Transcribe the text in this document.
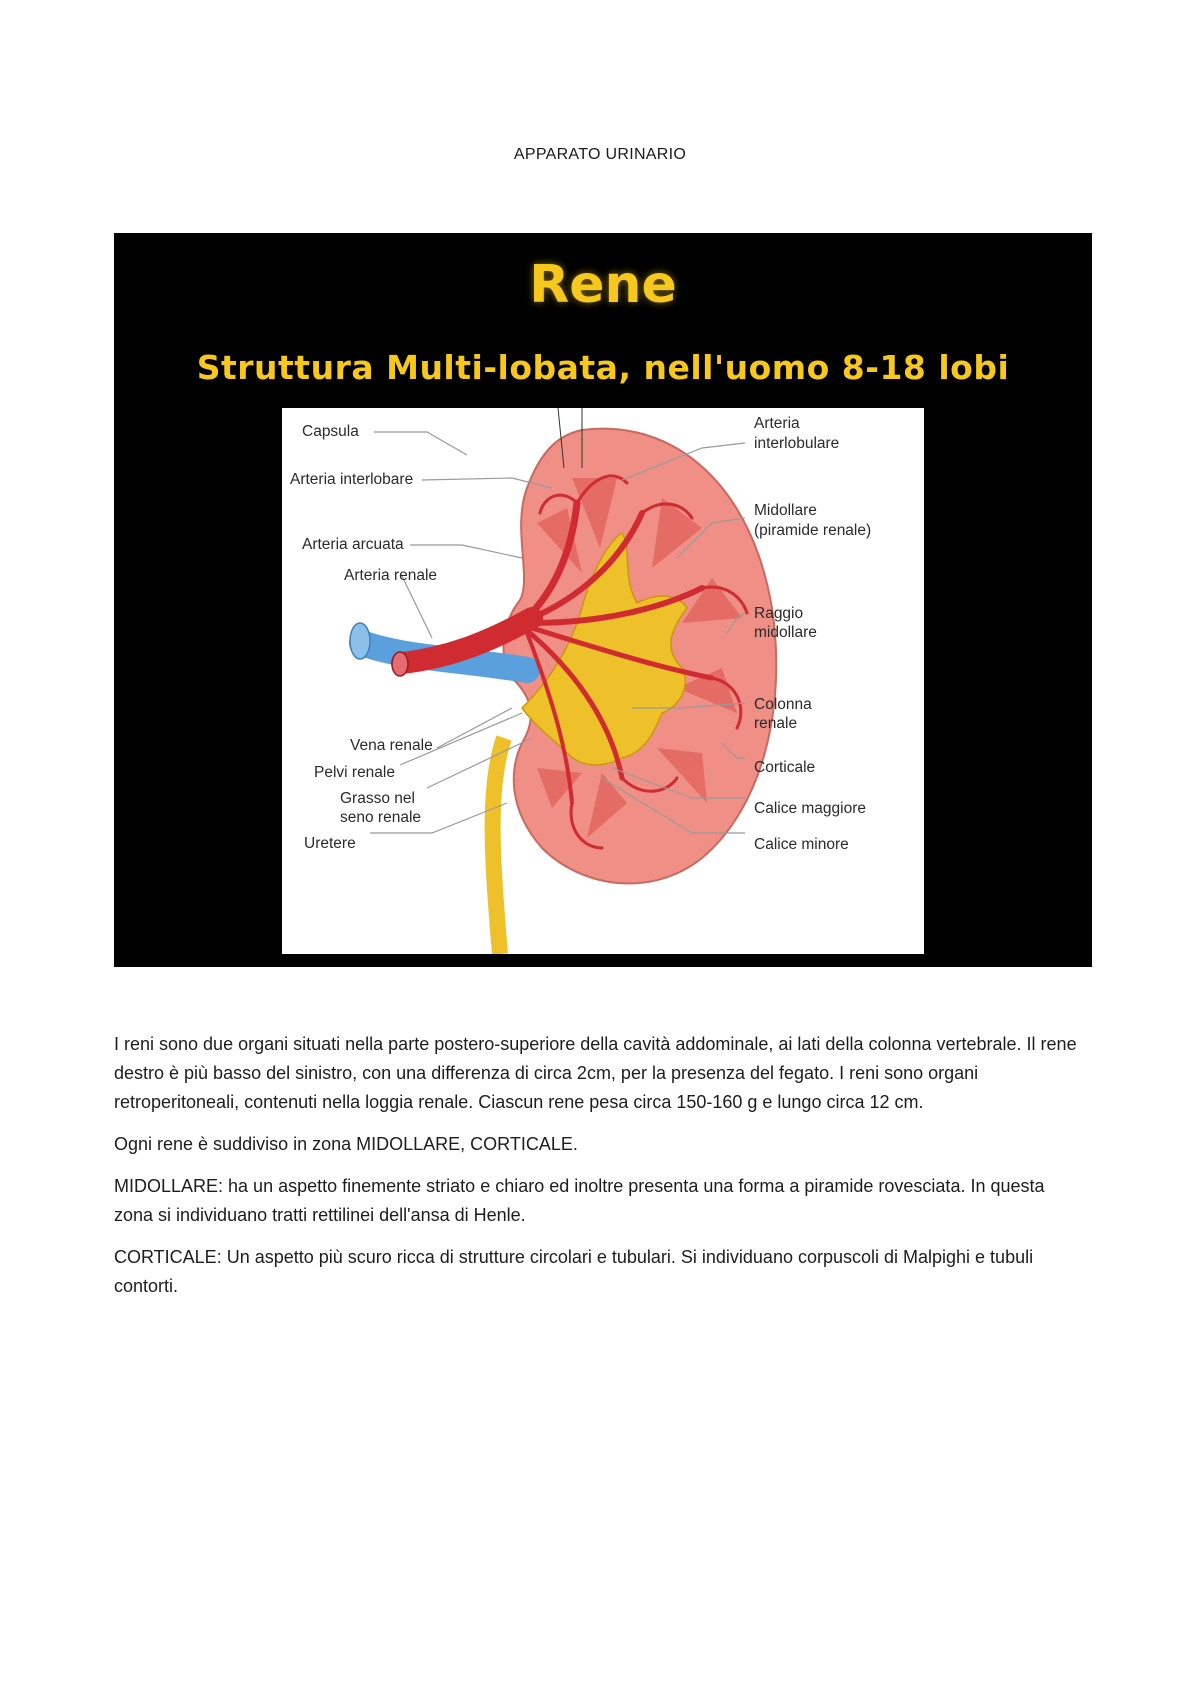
APPARATO URINARIO
Rene
Struttura Multi-lobata, nell'uomo 8-18 lobi
Capsula
Arteria interlobare
Arteria arcuata
Arteria renale
Vena renale
Pelvi renale
Grasso nel
seno renale
Uretere
Arteria
interlobulare
Midollare
(piramide renale)
Raggio
midollare
Colonna
renale
Corticale
Calice maggiore
Calice minore

I reni sono due organi situati nella parte postero-superiore della cavità addominale, ai lati della colonna vertebrale. Il rene destro è più basso del sinistro, con una differenza di circa 2cm, per la presenza del fegato. I reni sono organi retroperitoneali, contenuti nella loggia renale. Ciascun rene pesa circa 150-160 g e lungo circa 12 cm.

Ogni rene è suddiviso in zona MIDOLLARE, CORTICALE.

MIDOLLARE: ha un aspetto finemente striato e chiaro ed inoltre presenta una forma a piramide rovesciata. In questa zona si individuano tratti rettilinei dell'ansa di Henle.

CORTICALE: Un aspetto più scuro ricca di strutture circolari e tubulari. Si individuano corpuscoli di Malpighi e tubuli contorti.
